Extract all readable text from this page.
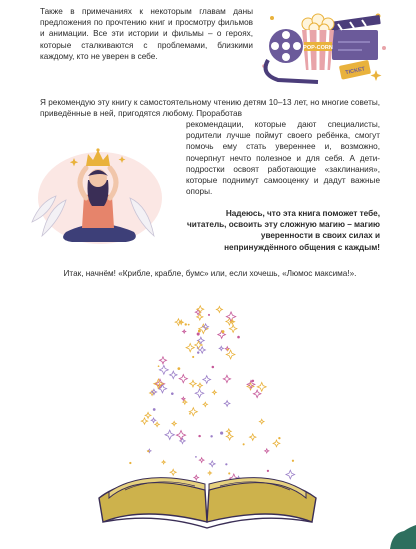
Также в примечаниях к некоторым главам даны предложения по прочтению книг и просмотру фильмов и анимации. Все эти истории и фильмы – о героях, которые сталкиваются с проблемами, близкими каждому, кто не уверен в себе.

POP-CORN
TICKET

Я рекомендую эту книгу к самостоятельному чтению детям 10–13 лет, но многие советы, приведённые в ней, пригодятся любому. Проработав

рекомендации, которые дают специалисты, родители лучше поймут своего ребёнка, смогут помочь ему стать увереннее и, возможно, почерпнут нечто полезное и для себя. А дети-подростки освоят работающие «заклинания», которые поднимут самооценку и дадут важные опоры.

Надеюсь, что эта книга поможет тебе, читатель, освоить эту сложную магию – магию уверенности в своих силах и непринуждённого общения с каждым!

Итак, начнём! «Крибле, крабле, бумс» или, если хочешь, «Люмос максима!».
